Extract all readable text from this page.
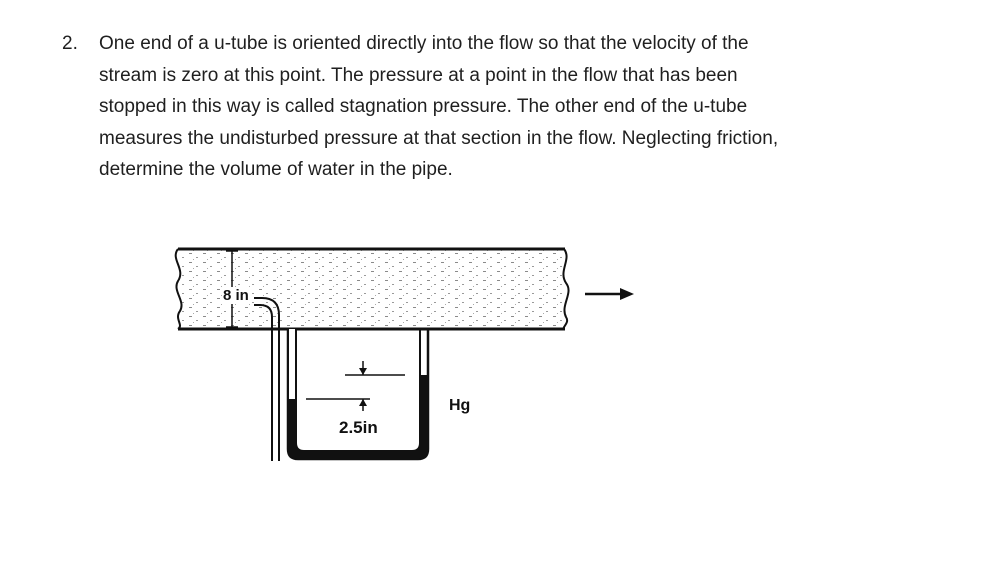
2. One end of a u-tube is oriented directly into the flow so that the velocity of the
stream is zero at this point. The pressure at a point in the flow that has been
stopped in this way is called stagnation pressure. The other end of the u-tube
measures the undisturbed pressure at that section in the flow. Neglecting friction,
determine the volume of water in the pipe.
8 in
2.5in
Hg
